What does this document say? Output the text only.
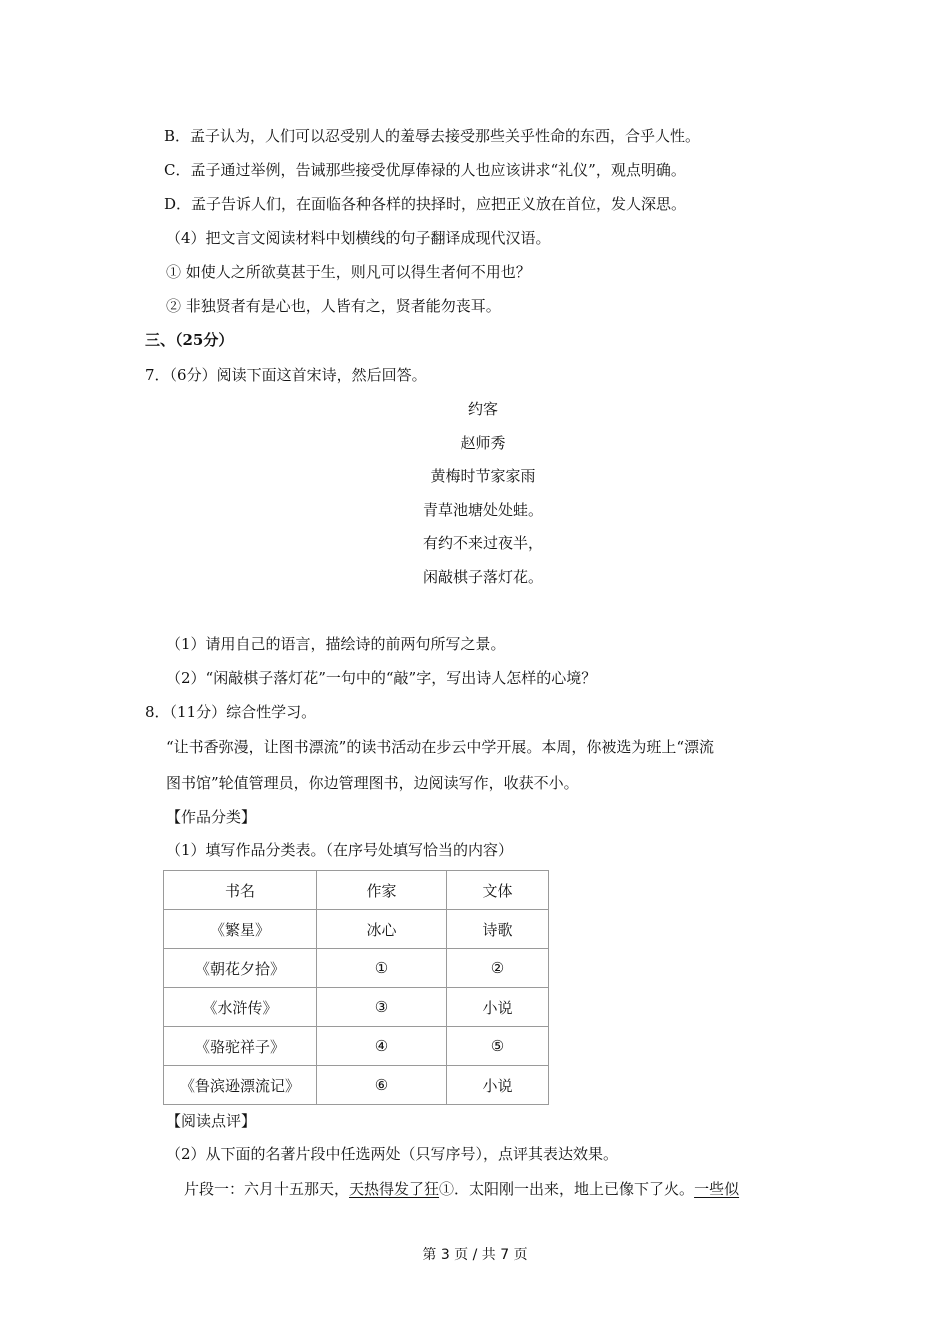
B．孟子认为，人们可以忍受别人的羞辱去接受那些关乎性命的东西，合乎人性。
C．孟子通过举例，告诫那些接受优厚俸禄的人也应该讲求“礼仪”，观点明确。
D．孟子告诉人们，在面临各种各样的抉择时，应把正义放在首位，发人深思。
（4）把文言文阅读材料中划横线的句子翻译成现代汉语。
① 如使人之所欲莫甚于生，则凡可以得生者何不用也？
② 非独贤者有是心也，人皆有之，贤者能勿丧耳。
三、（25分）
7．（6分）阅读下面这首宋诗，然后回答。
约客
赵师秀
黄梅时节家家雨
青草池塘处处蛙。
有约不来过夜半，
闲敲棋子落灯花。
（1）请用自己的语言，描绘诗的前两句所写之景。
（2）“闲敲棋子落灯花”一句中的“敲”字，写出诗人怎样的心境？
8．（11分）综合性学习。
“让书香弥漫，让图书漂流”的读书活动在步云中学开展。本周，你被选为班上“漂流
图书馆”轮值管理员，你边管理图书，边阅读写作，收获不小。
【作品分类】
（1）填写作品分类表。（在序号处填写恰当的内容）
书名	作家	文体
《繁星》	冰心	诗歌
《朝花夕拾》	①	②
《水浒传》	③	小说
《骆驼祥子》	④	⑤
《鲁滨逊漂流记》	⑥	小说
【阅读点评】
（2）从下面的名著片段中任选两处（只写序号），点评其表达效果。
片段一：六月十五那天，天热得发了狂①．太阳刚一出来，地上已像下了火。一些似
第 3 页 / 共 7 页
